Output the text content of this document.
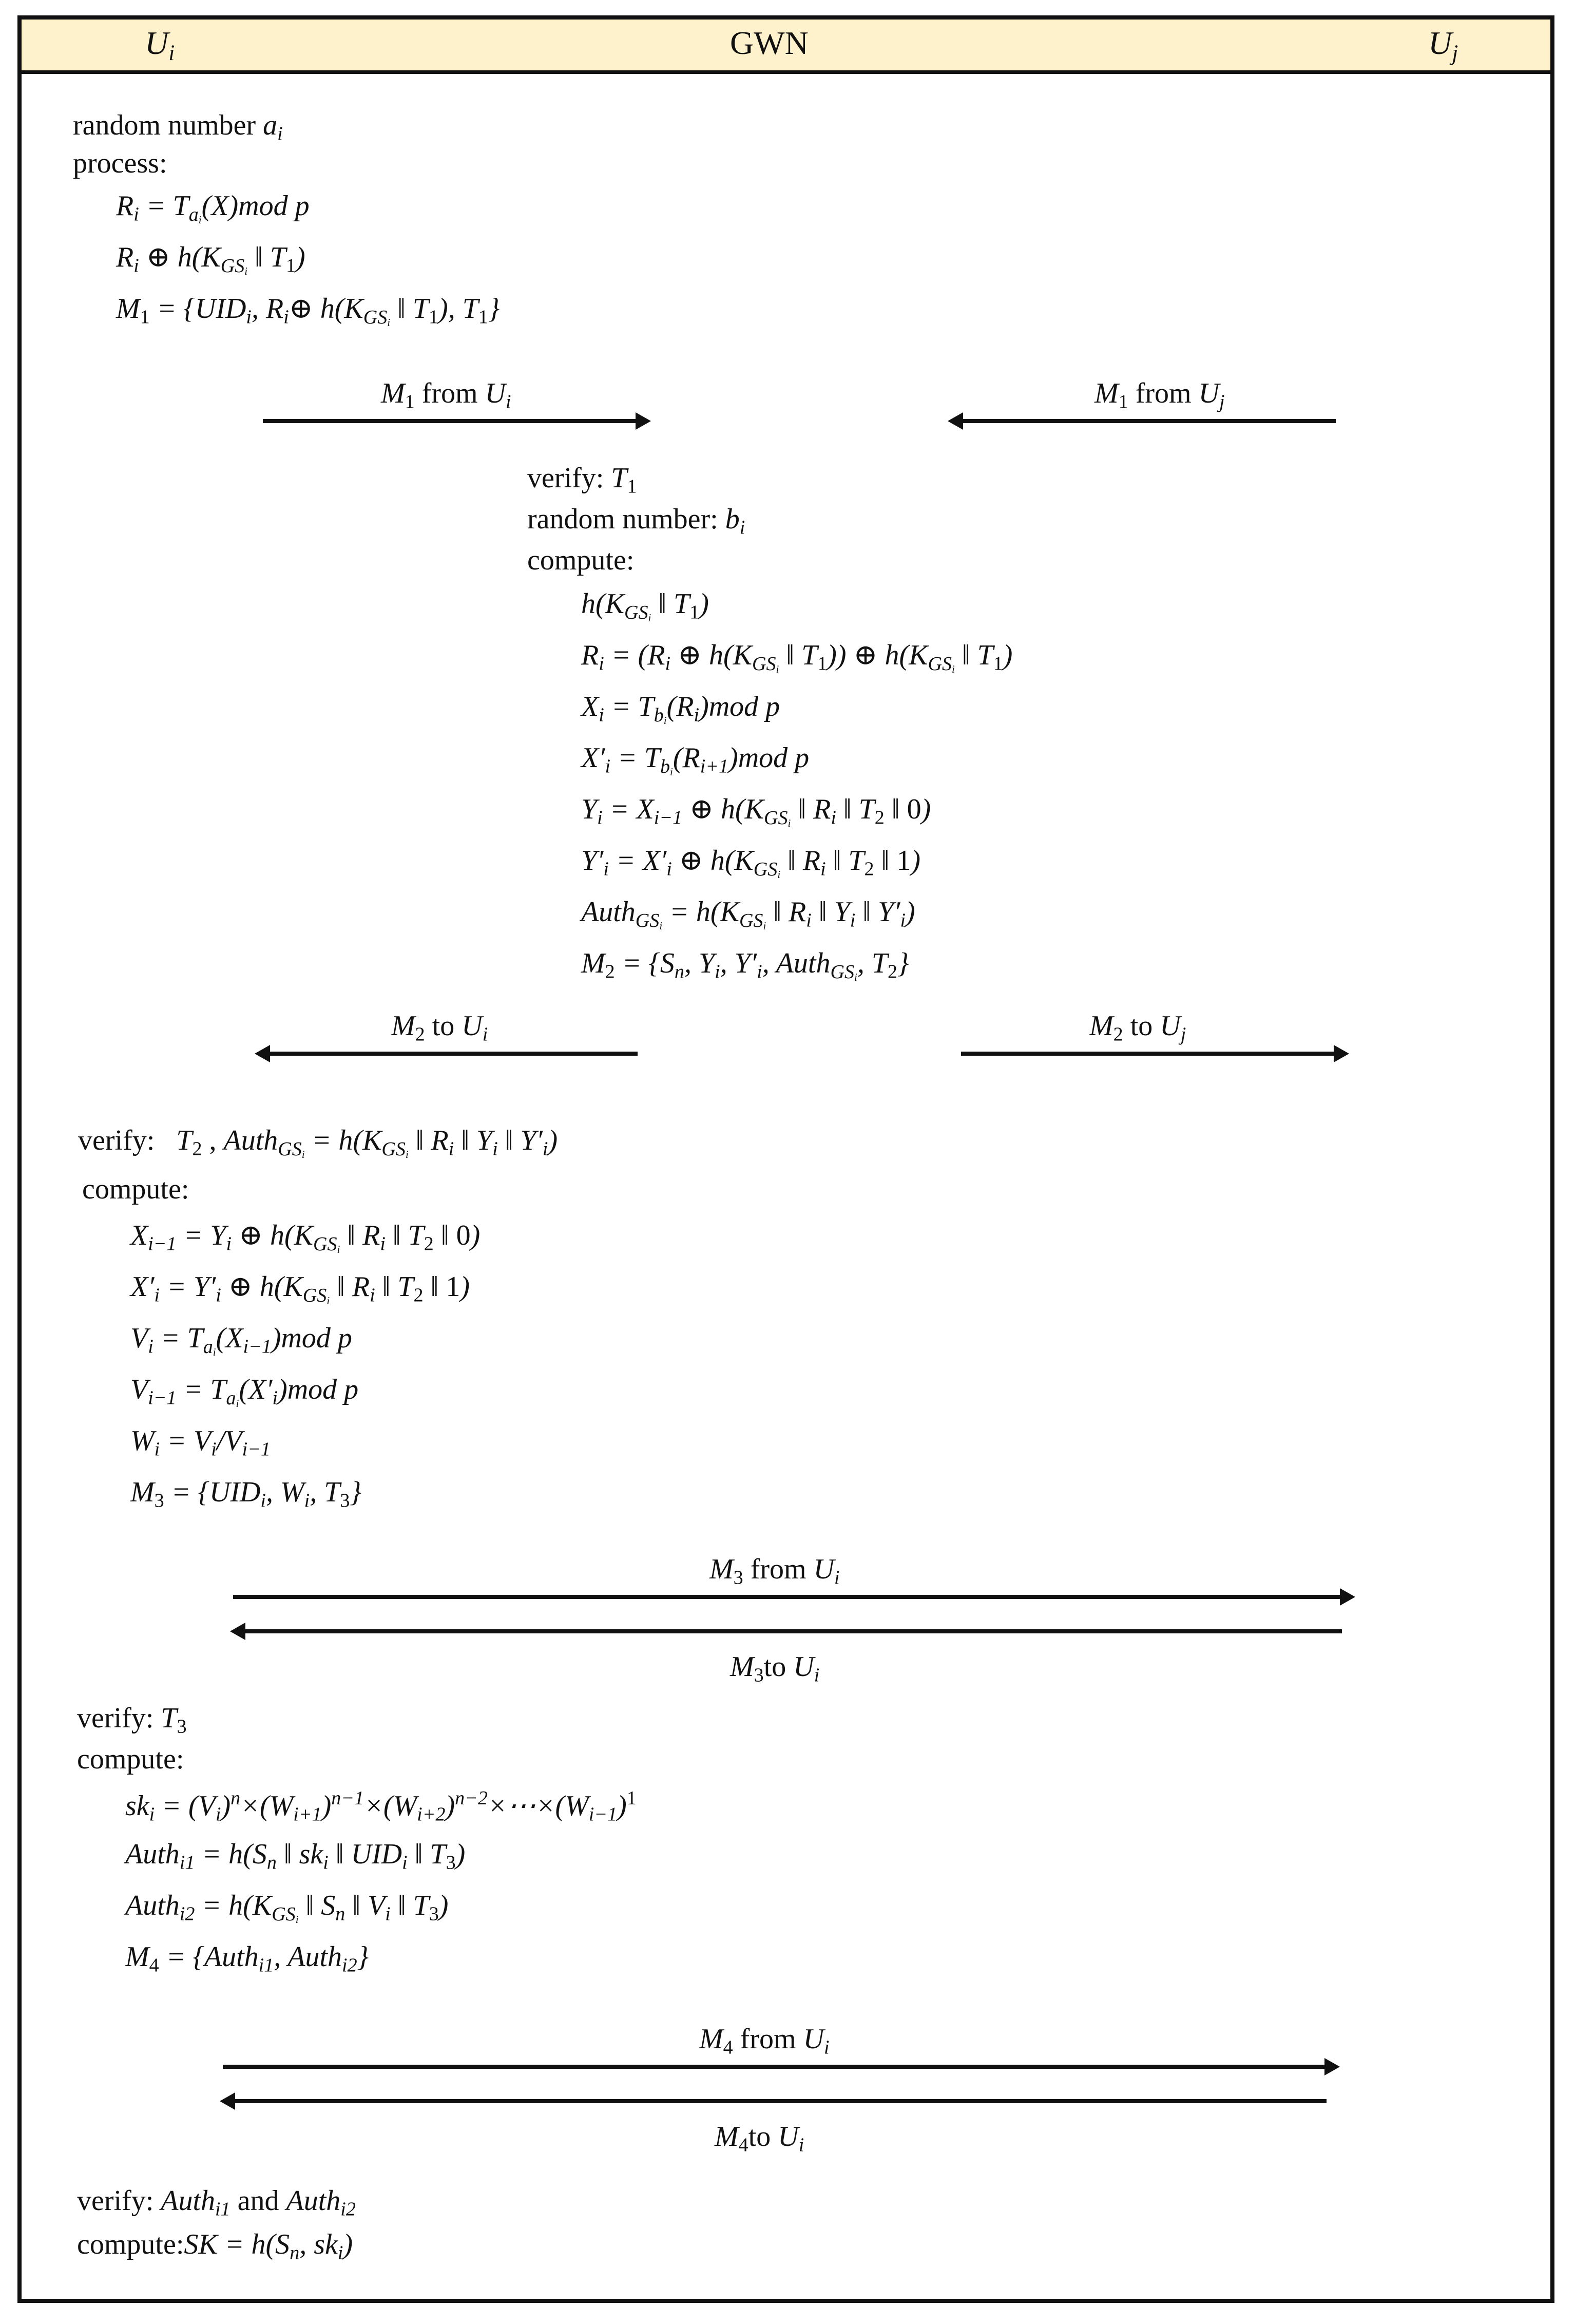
Ui	GWN	Uj
random number ai
process:
Ri = Tai(X)mod p
Ri ⊕ h(KGSi ‖ T1)
M1 = {UIDi, Ri⊕ h(KGSi ‖ T1), T1}
M1 from Ui	M1 from Uj
verify: T1
random number: bi
compute:
h(KGSi ‖ T1)
Ri = (Ri ⊕ h(KGSi ‖ T1)) ⊕ h(KGSi ‖ T1)
Xi = Tbi(Ri)mod p
X′i = Tbi(Ri+1)mod p
Yi = Xi−1 ⊕ h(KGSi ‖ Ri ‖ T2 ‖ 0)
Y′i = X′i ⊕ h(KGSi ‖ Ri ‖ T2 ‖ 1)
AuthGSi = h(KGSi ‖ Ri ‖ Yi ‖ Y′i)
M2 = {Sn, Yi, Y′i, AuthGSi, T2}
M2 to Ui	M2 to Uj
verify: T2 , AuthGSi = h(KGSi ‖ Ri ‖ Yi ‖ Y′i)
compute:
Xi−1 = Yi ⊕ h(KGSi ‖ Ri ‖ T2 ‖ 0)
X′i = Y′i ⊕ h(KGSi ‖ Ri ‖ T2 ‖ 1)
Vi = Tai(Xi−1)mod p
Vi−1 = Tai(X′i)mod p
Wi = Vi/Vi−1
M3 = {UIDi, Wi, T3}
M3 from Ui
M3to Ui
verify: T3
compute:
ski = $(Vi)^n\times(Wi+1)^{n-1}\times(Wi+2)^{n-2}\times\cdots\times(Wi-1)^1$
Authi1 = h(Sn ‖ ski ‖ UIDi ‖ T3)
Authi2 = h(KGSi ‖ Sn ‖ Vi ‖ T3)
M4 = {Authi1, Authi2}
M4 from Ui
M4to Ui
verify: Authi1 and Authi2
compute:SK = h(Sn, ski)
